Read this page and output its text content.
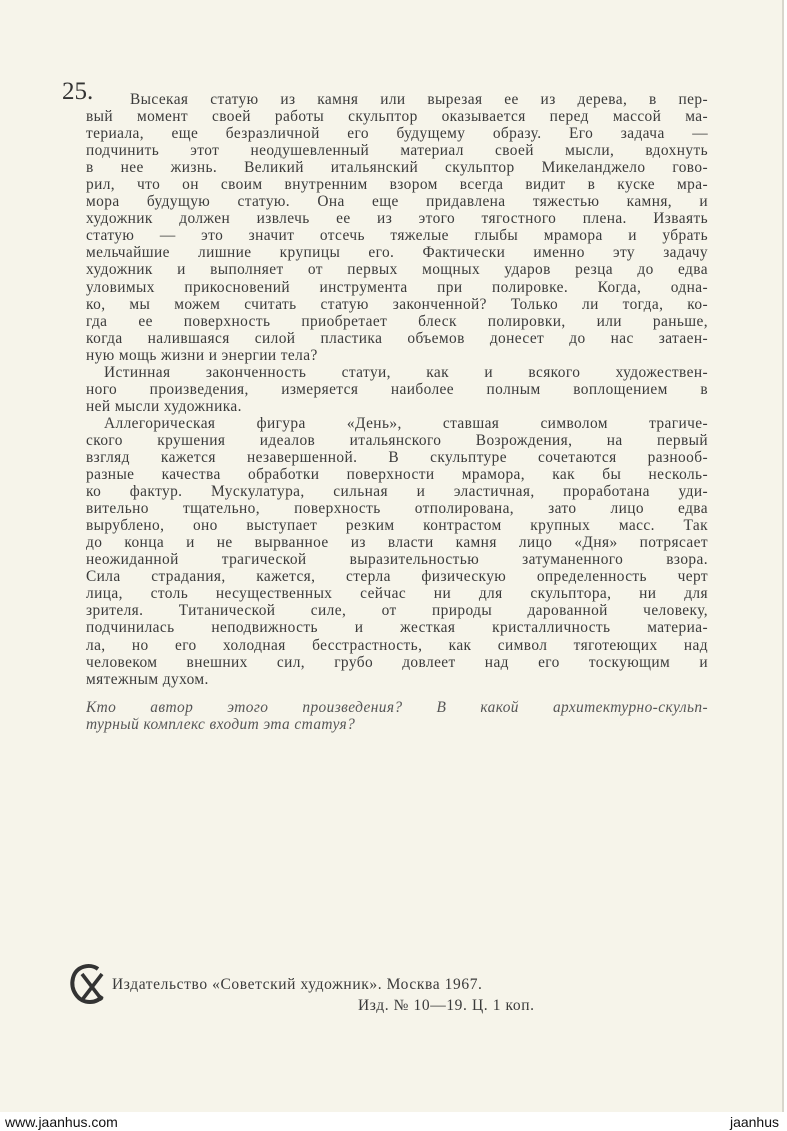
25.	Высекая статую из камня или вырезая ее из дерева, в пер-
вый момент своей работы скульптор оказывается перед массой ма-
териала, еще безразличной его будущему образу. Его задача —
подчинить этот неодушевленный материал своей мысли, вдохнуть
в нее жизнь. Великий итальянский скульптор Микеланджело гово-
рил, что он своим внутренним взором всегда видит в куске мра-
мора будущую статую. Она еще придавлена тяжестью камня, и
художник должен извлечь ее из этого тягостного плена. Изваять
статую — это значит отсечь тяжелые глыбы мрамора и убрать
мельчайшие лишние крупицы его. Фактически именно эту задачу
художник и выполняет от первых мощных ударов резца до едва
уловимых прикосновений инструмента при полировке. Когда, одна-
ко, мы можем считать статую законченной? Только ли тогда, ко-
гда ее поверхность приобретает блеск полировки, или раньше,
когда налившаяся силой пластика объемов донесет до нас затаен-
ную мощь жизни и энергии тела?
Истинная законченность статуи, как и всякого художествен-
ного произведения, измеряется наиболее полным воплощением в
ней мысли художника.
Аллегорическая фигура «День», ставшая символом трагиче-
ского крушения идеалов итальянского Возрождения, на первый
взгляд кажется незавершенной. В скульптуре сочетаются разнооб-
разные качества обработки поверхности мрамора, как бы несколь-
ко фактур. Мускулатура, сильная и эластичная, проработана уди-
вительно тщательно, поверхность отполирована, зато лицо едва
вырублено, оно выступает резким контрастом крупных масс. Так
до конца и не вырванное из власти камня лицо «Дня» потрясает
неожиданной трагической выразительностью затуманенного взора.
Сила страдания, кажется, стерла физическую определенность черт
лица, столь несущественных сейчас ни для скульптора, ни для
зрителя. Титанической силе, от природы дарованной человеку,
подчинилась неподвижность и жесткая кристалличность материа-
ла, но его холодная бесстрастность, как символ тяготеющих над
человеком внешних сил, грубо довлеет над его тоскующим и
мятежным духом.
Кто автор этого произведения? В какой архитектурно-скульп-
турный комплекс входит эта статуя?
Издательство «Советский художник». Москва 1967.
Изд. № 10—19. Ц. 1 коп.
www.jaanhus.com	jaanhus
